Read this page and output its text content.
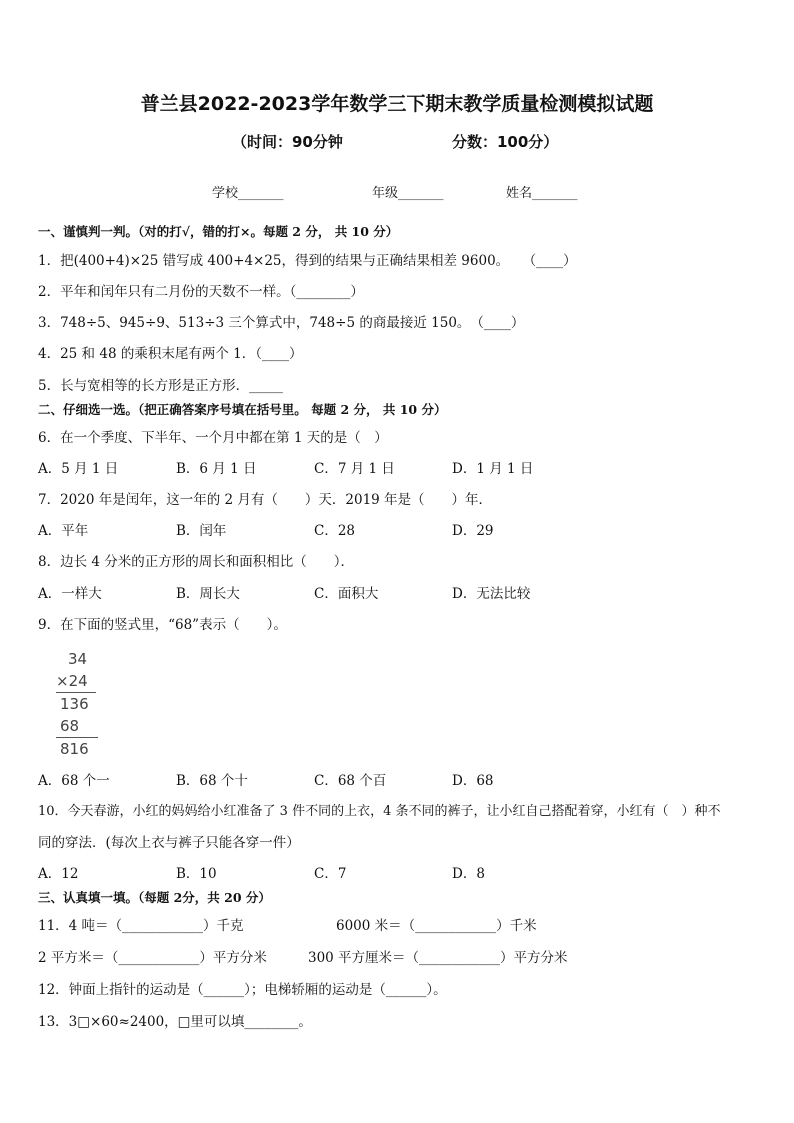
普兰县2022-2023学年数学三下期末教学质量检测模拟试题
（时间：90分钟	分数：100分）
学校_______	年级_______	姓名_______
一、谨慎判一判。（对的打√，错的打×。每题 2 分， 共 10 分）
1．把(400+4)×25 错写成 400+4×25，得到的结果与正确结果相差 9600。　　（____）
2．平年和闰年只有二月份的天数不一样。（________）
3．748÷5、945÷9、513÷3 三个算式中，748÷5 的商最接近 150。　（____）
4．25 和 48 的乘积末尾有两个 1．（____）
5．长与宽相等的长方形是正方形．_____
二、仔细选一选。（把正确答案序号填在括号里。 每题 2 分， 共 10 分）
6．在一个季度、下半年、一个月中都在第 1 天的是（　）
A．5 月 1 日	B．6 月 1 日	C．7 月 1 日	D．1 月 1 日
7．2020 年是闰年，这一年的 2 月有（　　）天．2019 年是（　　）年．
A．平年	B．闰年	C．28	D．29
8．边长 4 分米的正方形的周长和面积相比（　　）．
A．一样大	B．周长大	C．面积大	D．无法比较
9．在下面的竖式里，“68”表示（　　）。
34
×24
136
68
816
A．68 个一	B．68 个十	C．68 个百	D．68
10．今天春游，小红的妈妈给小红准备了 3 件不同的上衣，4 条不同的裤子，让小红自己搭配着穿，小红有（　）种不
同的穿法．(每次上衣与裤子只能各穿一件）
A．12	B．10	C．7	D．8
三、认真填一填。（每题 2分，共 20 分）
11．4 吨＝（____________）千克	6000 米＝（____________）千米
2 平方米＝（____________）平方分米	300 平方厘米＝（____________）平方分米
12．钟面上指针的运动是（______）；电梯轿厢的运动是（______）。
13．3□×60≈2400，□里可以填________。
